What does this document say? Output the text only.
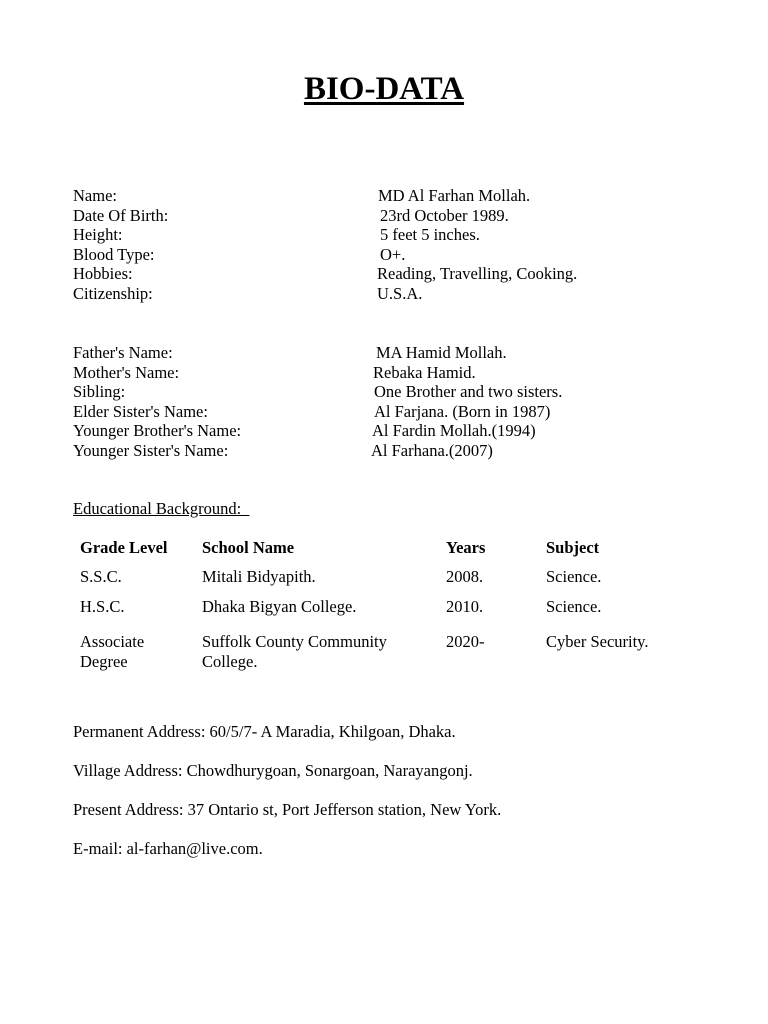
BIO-DATA
Name:	MD Al Farhan Mollah.
Date Of Birth:	23rd October 1989.
Height:	5 feet 5 inches.
Blood Type:	O+.
Hobbies:	Reading, Travelling, Cooking.
Citizenship:	U.S.A.
Father's Name:	MA Hamid Mollah.
Mother's Name:	Rebaka Hamid.
Sibling:	One Brother and two sisters.
Elder Sister's Name:	Al Farjana. (Born in 1987)
Younger Brother's Name:	Al Fardin Mollah.(1994)
Younger Sister's Name:	Al Farhana.(2007)
Educational Background:
Grade Level	School Name	Years	Subject
S.S.C.	Mitali Bidyapith.	2008.	Science.
H.S.C.	Dhaka Bigyan College.	2010.	Science.
Associate Degree	Suffolk County Community College.	2020-	Cyber Security.
Permanent Address: 60/5/7- A Maradia, Khilgoan, Dhaka.
Village Address: Chowdhurygoan, Sonargoan, Narayangonj.
Present Address: 37 Ontario st, Port Jefferson station, New York.
E-mail: al-farhan@live.com.
